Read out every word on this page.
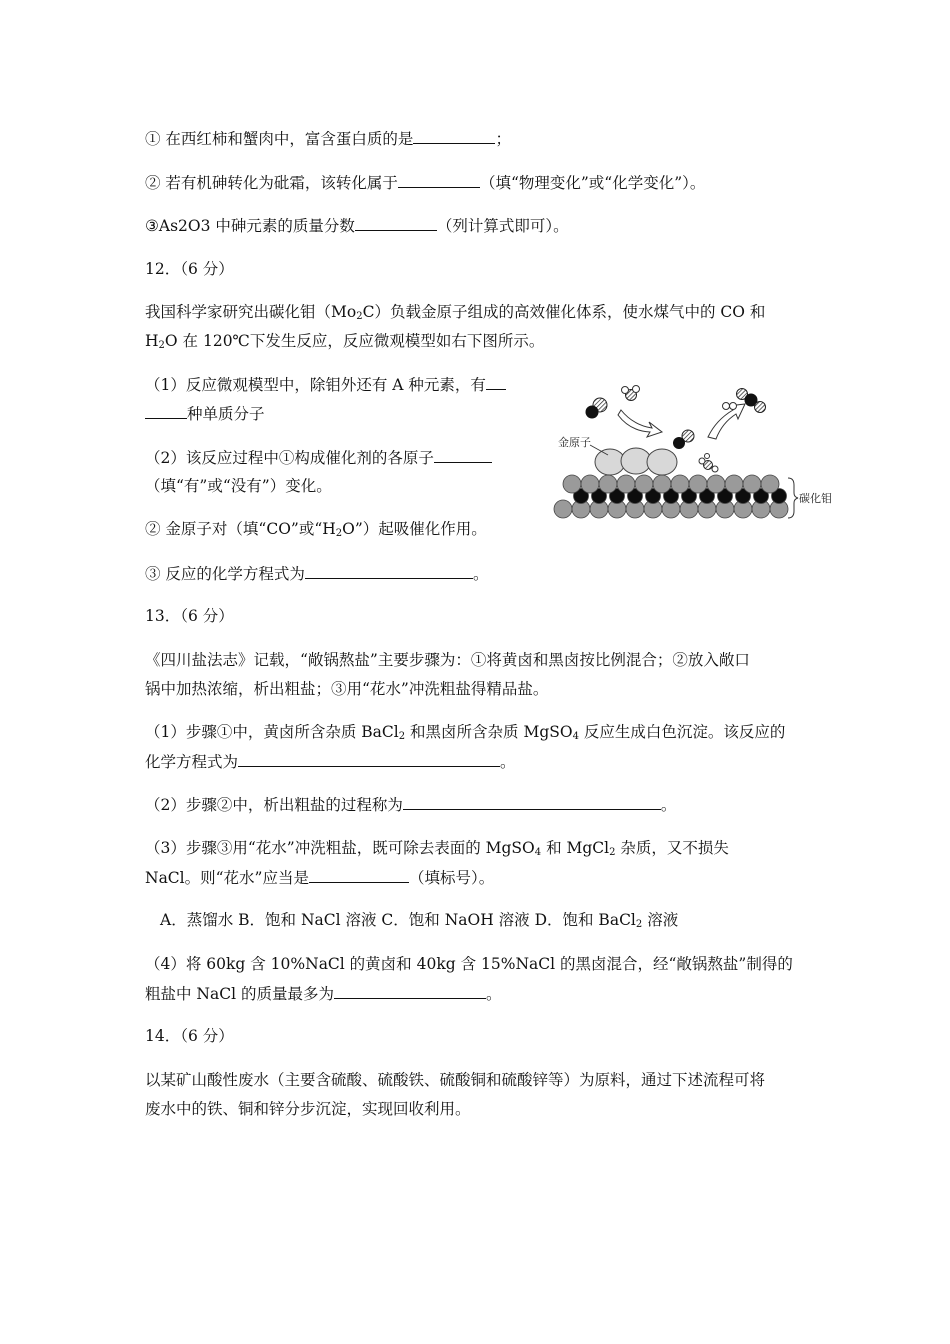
① 在西红柿和蟹肉中，富含蛋白质的是	；
② 若有机砷转化为砒霜，该转化属于	（填“物理变化”或“化学变化”）。
③As2O3 中砷元素的质量分数	（列计算式即可）。
12．（6 分）
我国科学家研究出碳化钼$(Mo_2C)$负载金原子组成的高效催化体系，使水煤气中的 CO 和
$H_2O$ 在 120℃下发生反应，反应微观模型如右下图所示。
（1）反应微观模型中，除钼外还有 A 种元素，有
种单质分子
（2）该反应过程中①构成催化剂的各原子
（填“有”或“没有”）变化。
② 金原子对（填“CO”或“$H_2O$”）起吸催化作用。
③ 反应的化学方程式为	。
金原子
碳化钼
13．（6 分）
《四川盐法志》记载，“敞锅熬盐”主要步骤为：①将黄卤和黑卤按比例混合；②放入敞口
锅中加热浓缩，析出粗盐；③用“花水”冲洗粗盐得精品盐。
（1）步骤①中，黄卤所含杂质 BaCl$_2$ 和黑卤所含杂质 MgSO$_4$ 反应生成白色沉淀。该反应的
化学方程式为	。
（2）步骤②中，析出粗盐的过程称为	。
（3）步骤③用“花水”冲洗粗盐，既可除去表面的 MgSO$_4$ 和 MgCl$_2$ 杂质，又不损失
NaCl。则“花水”应当是	（填标号）。
A．蒸馏水 B．饱和 NaCl 溶液 C．饱和 NaOH 溶液 D．饱和 BaCl$_2$ 溶液
（4）将 60kg 含 10%NaCl 的黄卤和 40kg 含 15%NaCl 的黑卤混合，经“敞锅熬盐”制得的
粗盐中 NaCl 的质量最多为	。
14．（6 分）
以某矿山酸性废水（主要含硫酸、硫酸铁、硫酸铜和硫酸锌等）为原料，通过下述流程可将
废水中的铁、铜和锌分步沉淀，实现回收利用。
